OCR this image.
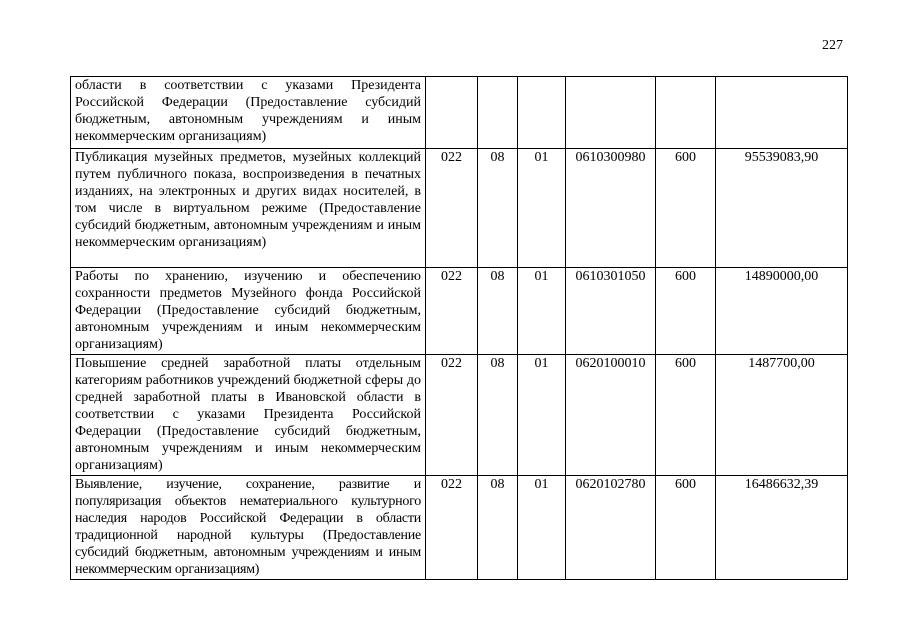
227
области в соответствии с указами Президента Российской Федерации (Предоставление субсидий бюджетным, автономным учреждениям и иным некоммерческим организациям)						
Публикация музейных предметов, музейных коллекций путем публичного показа, воспроизведения в печатных изданиях, на электронных и других видах носителей, в том числе в виртуальном режиме (Предоставление субсидий бюджетным, автономным учреждениям и иным некоммерческим организациям)	022	08	01	0610300980	600	95539083,90
Работы по хранению, изучению и обеспечению сохранности предметов Музейного фонда Российской Федерации (Предоставление субсидий бюджетным, автономным учреждениям и иным некоммерческим организациям)	022	08	01	0610301050	600	14890000,00
Повышение средней заработной платы отдельным категориям работников учреждений бюджетной сферы до средней заработной платы в Ивановской области в соответствии с указами Президента Российской Федерации (Предоставление субсидий бюджетным, автономным учреждениям и иным некоммерческим организациям)	022	08	01	0620100010	600	1487700,00
Выявление, изучение, сохранение, развитие и популяризация объектов нематериального культурного наследия народов Российской Федерации в области традиционной народной культуры (Предоставление субсидий бюджетным, автономным учреждениям и иным некоммерческим организациям)	022	08	01	0620102780	600	16486632,39
